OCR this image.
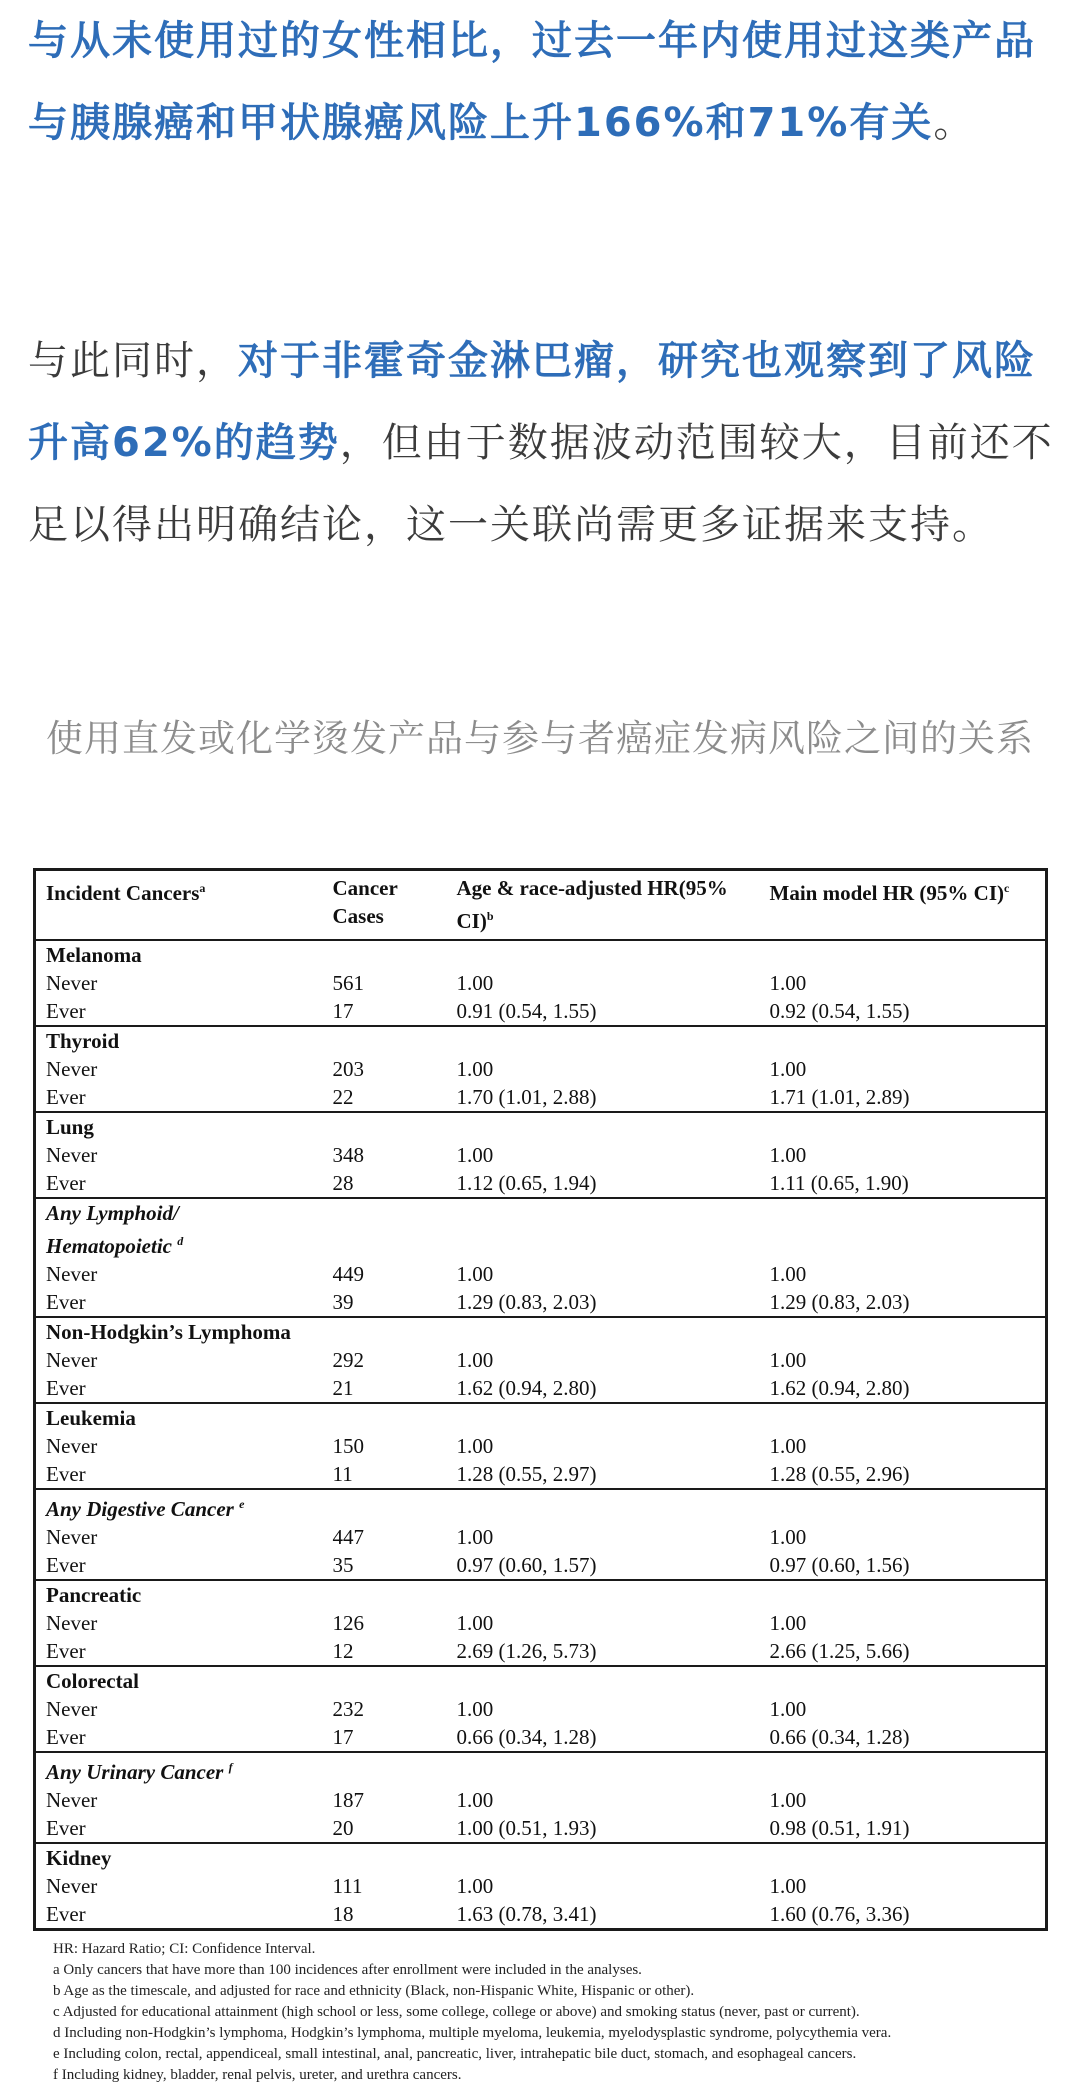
与从未使用过的女性相比，过去一年内使用过这类产品与胰腺癌和甲状腺癌风险上升166%和71%有关。

与此同时，对于非霍奇金淋巴瘤，研究也观察到了风险升高62%的趋势，但由于数据波动范围较大，目前还不足以得出明确结论，这一关联尚需更多证据来支持。

使用直发或化学烫发产品与参与者癌症发病风险之间的关系

Incident Cancers$^a$	Cancer Cases	Age & race-adjusted HR(95% CI)$^b$	Main model HR (95% CI)$^c$
Melanoma			
Never	561	1.00	1.00
Ever	17	0.91 (0.54, 1.55)	0.92 (0.54, 1.55)
Thyroid			
Never	203	1.00	1.00
Ever	22	1.70 (1.01, 2.88)	1.71 (1.01, 2.89)
Lung			
Never	348	1.00	1.00
Ever	28	1.12 (0.65, 1.94)	1.11 (0.65, 1.90)
Any Lymphoid/ Hematopoietic $^d$			
Never	449	1.00	1.00
Ever	39	1.29 (0.83, 2.03)	1.29 (0.83, 2.03)
Non-Hodgkin’s Lymphoma			
Never	292	1.00	1.00
Ever	21	1.62 (0.94, 2.80)	1.62 (0.94, 2.80)
Leukemia			
Never	150	1.00	1.00
Ever	11	1.28 (0.55, 2.97)	1.28 (0.55, 2.96)
Any Digestive Cancer $^e$			
Never	447	1.00	1.00
Ever	35	0.97 (0.60, 1.57)	0.97 (0.60, 1.56)
Pancreatic			
Never	126	1.00	1.00
Ever	12	2.69 (1.26, 5.73)	2.66 (1.25, 5.66)
Colorectal			
Never	232	1.00	1.00
Ever	17	0.66 (0.34, 1.28)	0.66 (0.34, 1.28)
Any Urinary Cancer $^f$			
Never	187	1.00	1.00
Ever	20	1.00 (0.51, 1.93)	0.98 (0.51, 1.91)
Kidney			
Never	111	1.00	1.00
Ever	18	1.63 (0.78, 3.41)	1.60 (0.76, 3.36)
HR: Hazard Ratio; CI: Confidence Interval.
a Only cancers that have more than 100 incidences after enrollment were included in the analyses.
b Age as the timescale, and adjusted for race and ethnicity (Black, non-Hispanic White, Hispanic or other).
c Adjusted for educational attainment (high school or less, some college, college or above) and smoking status (never, past or current).
d Including non-Hodgkin’s lymphoma, Hodgkin’s lymphoma, multiple myeloma, leukemia, myelodysplastic syndrome, polycythemia vera.
e Including colon, rectal, appendiceal, small intestinal, anal, pancreatic, liver, intrahepatic bile duct, stomach, and esophageal cancers.
f Including kidney, bladder, renal pelvis, ureter, and urethra cancers.
